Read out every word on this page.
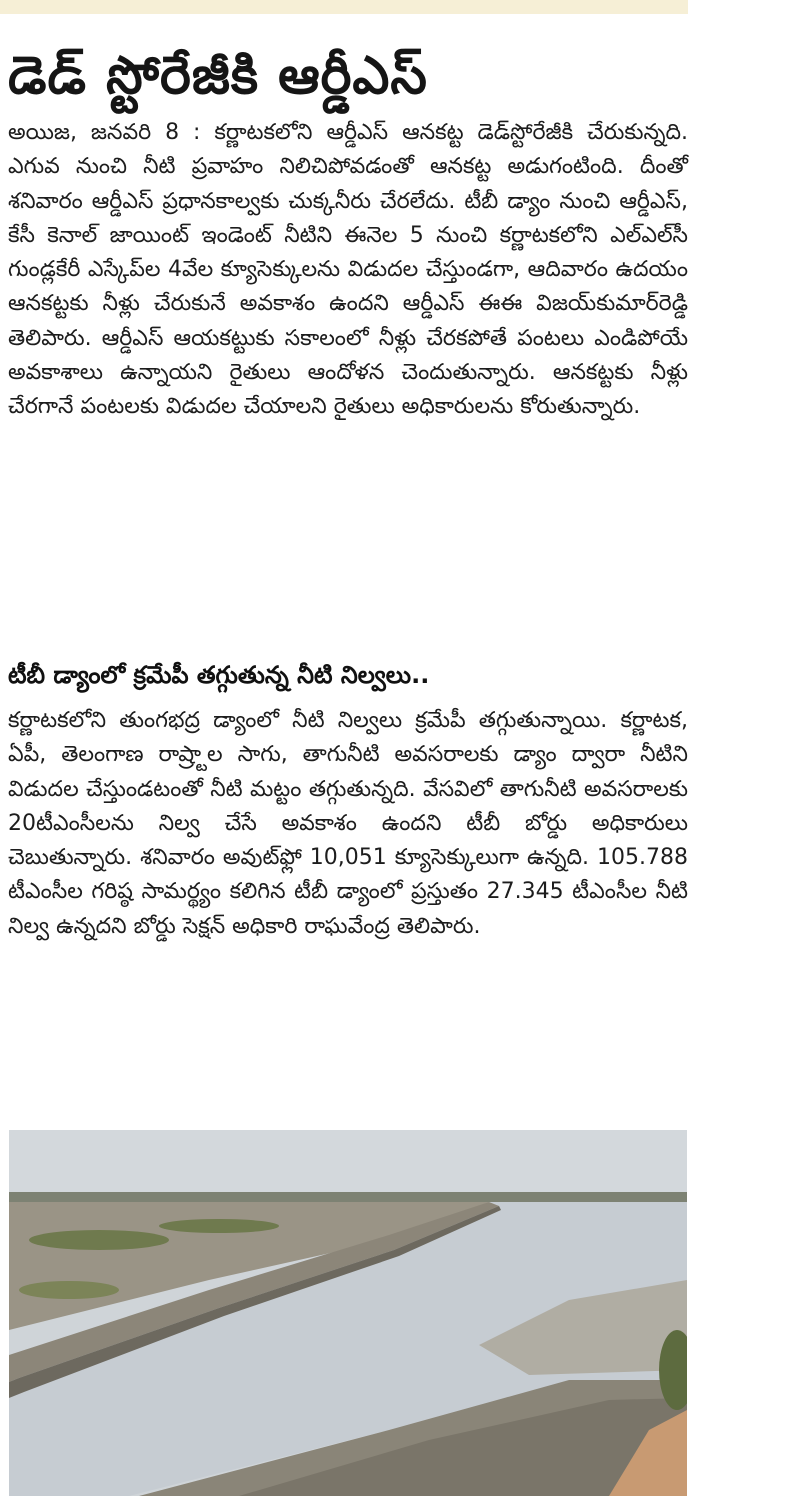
డెడ్ స్టోరేజీకి ఆర్డీఎస్

అయిజ, జనవరి 8 : కర్ణాటకలోని ఆర్డీఎస్ ఆనకట్ట డెడ్‌స్టోరేజీకి చేరుకున్నది. ఎగువ నుంచి నీటి ప్రవాహం నిలిచిపోవడంతో ఆనకట్ట అడుగంటింది. దీంతో శనివారం ఆర్డీఎస్ ప్రధానకాల్వకు చుక్కనీరు చేరలేదు. టీబీ డ్యాం నుంచి ఆర్డీఎస్, కేసీ కెనాల్ జాయింట్ ఇండెంట్ నీటిని ఈనెల 5 నుంచి కర్ణాటకలోని ఎల్ఎల్‌సీ గుండ్లకేరీ ఎస్కేప్‌ల 4వేల క్యూసెక్కులను విడుదల చేస్తుండగా, ఆదివారం ఉదయం ఆనకట్టకు నీళ్లు చేరుకునే అవకాశం ఉందని ఆర్డీఎస్ ఈఈ విజయ్‌కుమార్‌రెడ్డి తెలిపారు. ఆర్డీఎస్ ఆయకట్టుకు సకాలంలో నీళ్లు చేరకపోతే పంటలు ఎండిపోయే అవకాశాలు ఉన్నాయని రైతులు ఆందోళన చెందుతున్నారు. ఆనకట్టకు నీళ్లు చేరగానే పంటలకు విడుదల చేయాలని రైతులు అధికారులను కోరుతున్నారు.

టీబీ డ్యాంలో క్రమేపీ తగ్గుతున్న నీటి నిల్వలు..

కర్ణాటకలోని తుంగభద్ర డ్యాంలో నీటి నిల్వలు క్రమేపీ తగ్గుతున్నాయి. కర్ణాటక, ఏపీ, తెలంగాణ రాష్ర్టాల సాగు, తాగునీటి అవసరాలకు డ్యాం ద్వారా నీటిని విడుదల చేస్తుండటంతో నీటి మట్టం తగ్గుతున్నది. వేసవిలో తాగునీటి అవసరాలకు 20టీఎంసీలను నిల్వ చేసే అవకాశం ఉందని టీబీ బోర్డు అధికారులు చెబుతున్నారు. శనివారం అవుట్‌ఫ్లో 10,051 క్యూసెక్కులుగా ఉన్నది. 105.788 టీఎంసీల గరిష్ఠ సామర్థ్యం కలిగిన టీబీ డ్యాంలో ప్రస్తుతం 27.345 టీఎంసీల నీటి నిల్వ ఉన్నదని బోర్డు సెక్షన్ అధికారి రాఘవేంద్ర తెలిపారు.
